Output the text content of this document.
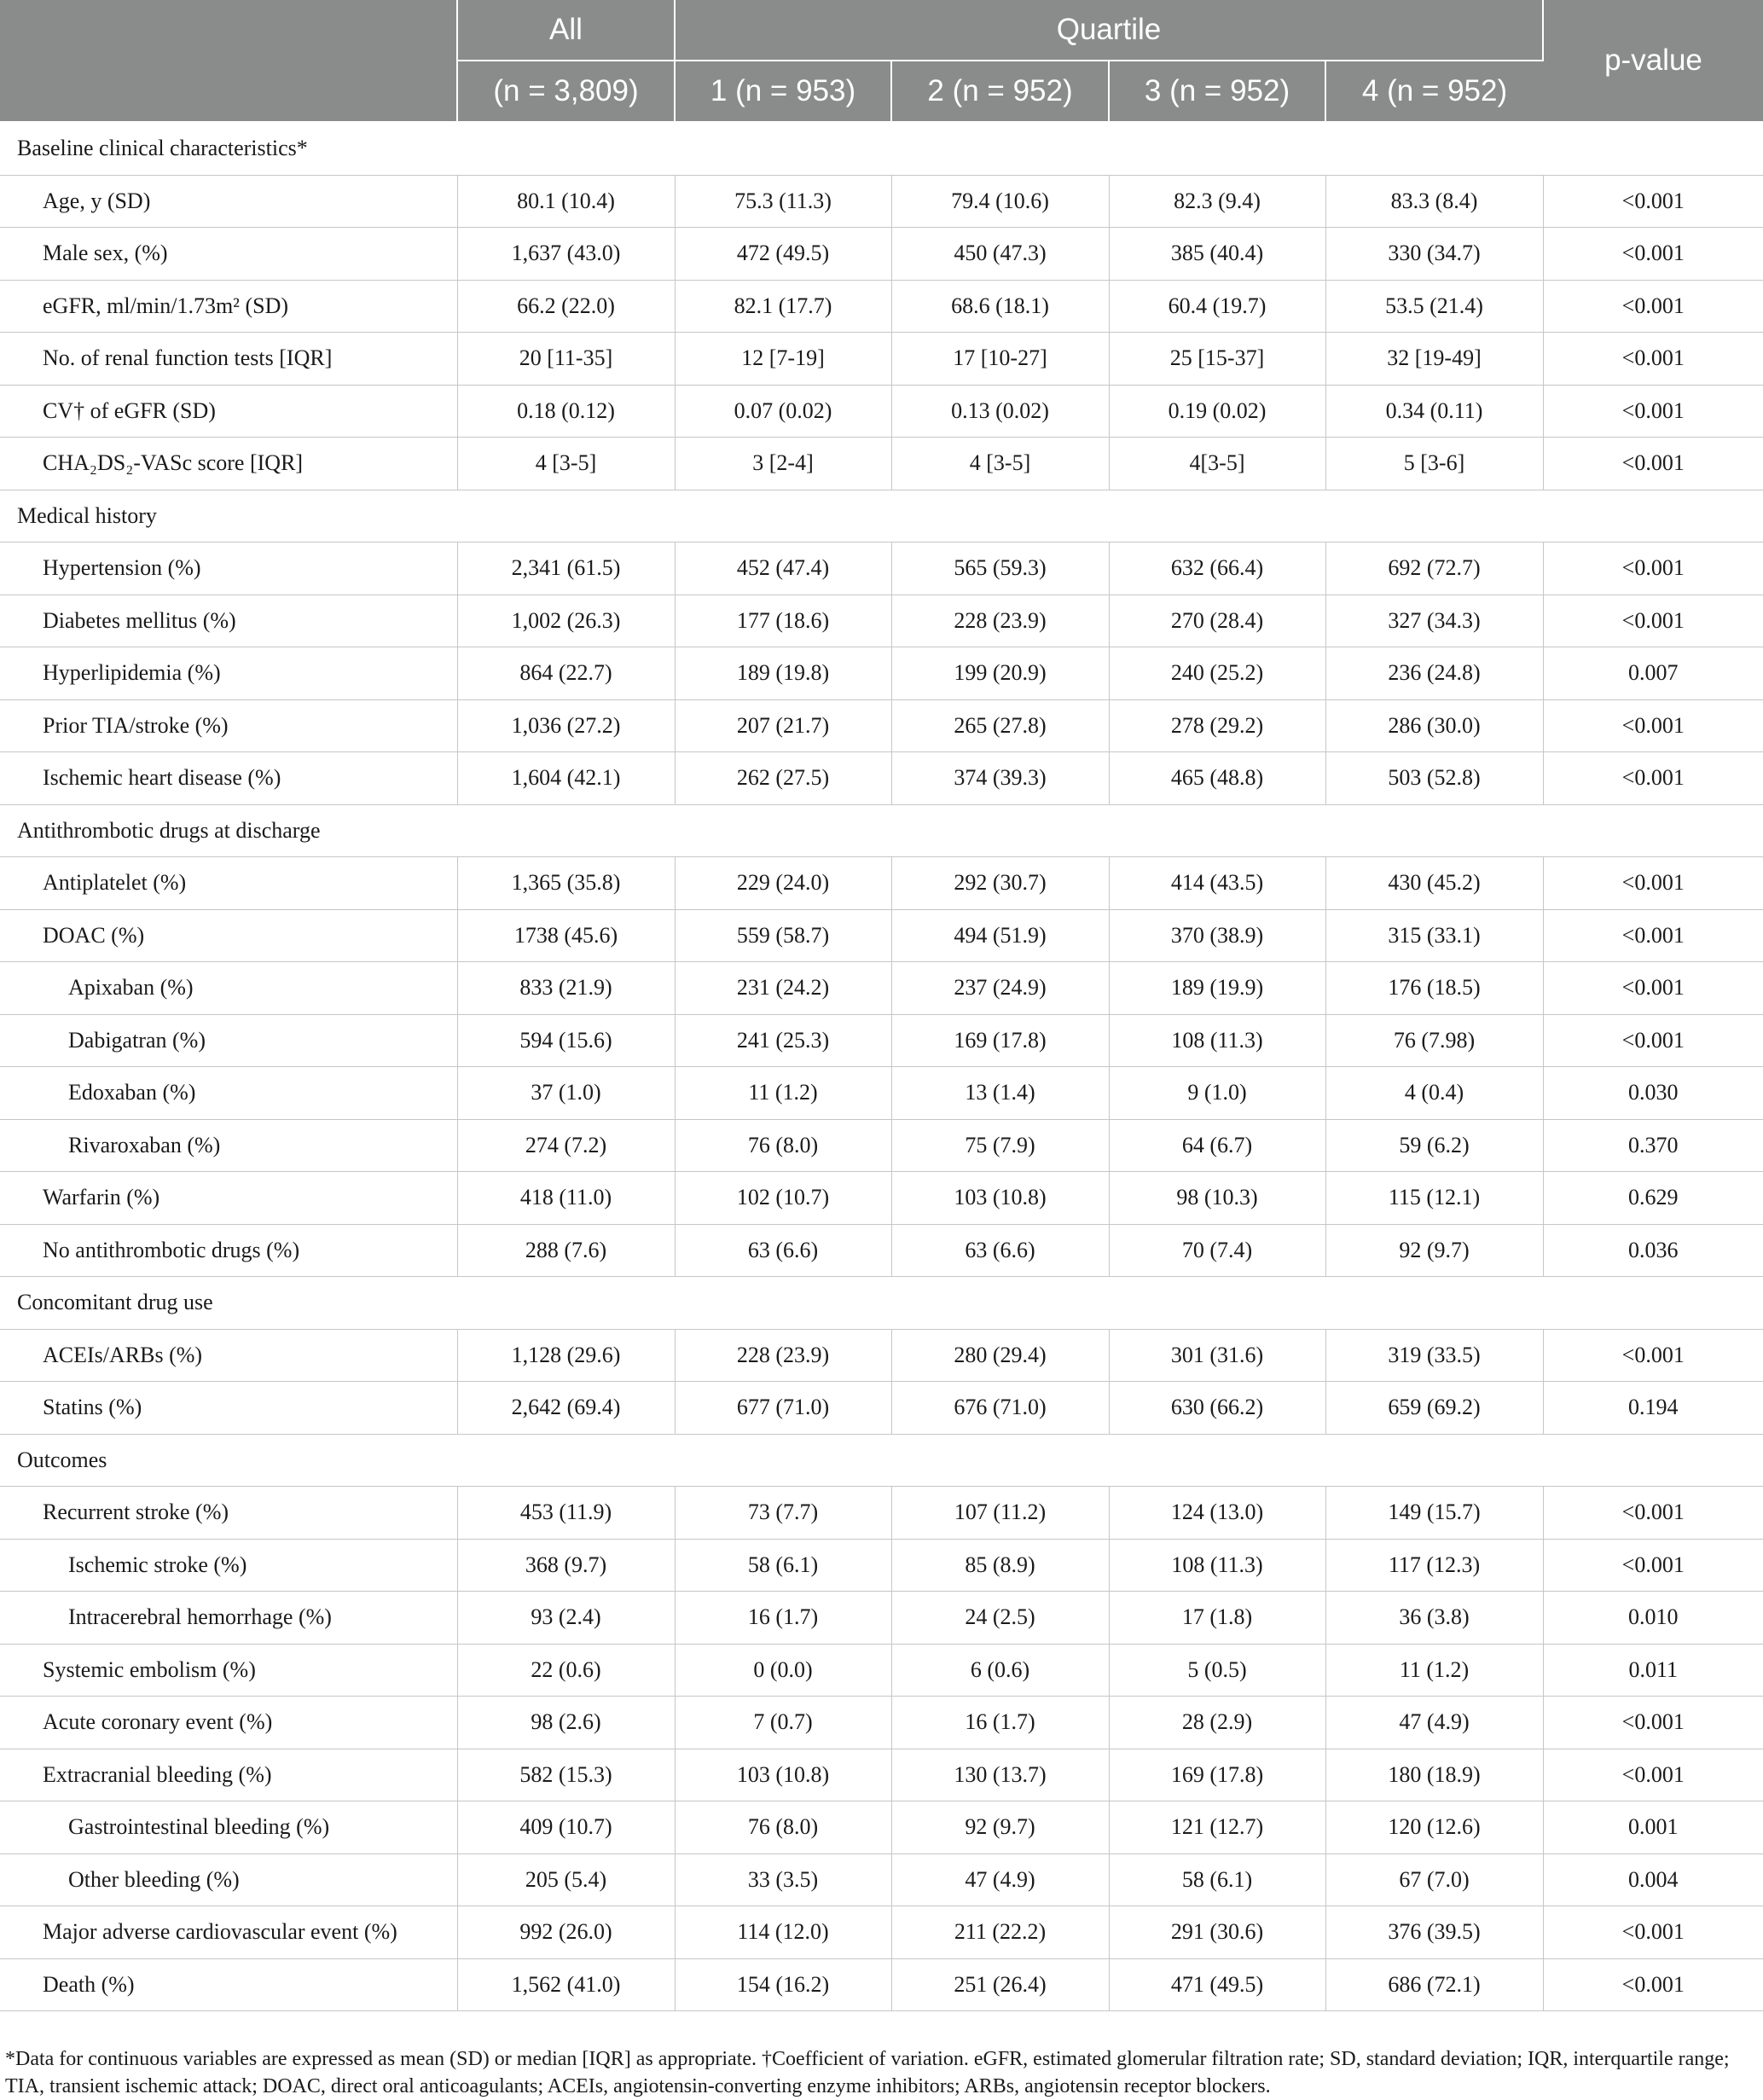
	All	Quartile				p-value
	(n = 3,809)	1 (n = 953)	2 (n = 952)	3 (n = 952)	4 (n = 952)	
Baseline clinical characteristics*						
Age, y (SD)	80.1 (10.4)	75.3 (11.3)	79.4 (10.6)	82.3 (9.4)	83.3 (8.4)	<0.001
Male sex, (%)	1,637 (43.0)	472 (49.5)	450 (47.3)	385 (40.4)	330 (34.7)	<0.001
eGFR, ml/min/1.73m² (SD)	66.2 (22.0)	82.1 (17.7)	68.6 (18.1)	60.4 (19.7)	53.5 (21.4)	<0.001
No. of renal function tests [IQR]	20 [11-35]	12 [7-19]	17 [10-27]	25 [15-37]	32 [19-49]	<0.001
CV† of eGFR (SD)	0.18 (0.12)	0.07 (0.02)	0.13 (0.02)	0.19 (0.02)	0.34 (0.11)	<0.001
CHA₂DS₂-VASc score [IQR]	4 [3-5]	3 [2-4]	4 [3-5]	4[3-5]	5 [3-6]	<0.001
Medical history						
Hypertension (%)	2,341 (61.5)	452 (47.4)	565 (59.3)	632 (66.4)	692 (72.7)	<0.001
Diabetes mellitus (%)	1,002 (26.3)	177 (18.6)	228 (23.9)	270 (28.4)	327 (34.3)	<0.001
Hyperlipidemia (%)	864 (22.7)	189 (19.8)	199 (20.9)	240 (25.2)	236 (24.8)	0.007
Prior TIA/stroke (%)	1,036 (27.2)	207 (21.7)	265 (27.8)	278 (29.2)	286 (30.0)	<0.001
Ischemic heart disease (%)	1,604 (42.1)	262 (27.5)	374 (39.3)	465 (48.8)	503 (52.8)	<0.001
Antithrombotic drugs at discharge						
Antiplatelet (%)	1,365 (35.8)	229 (24.0)	292 (30.7)	414 (43.5)	430 (45.2)	<0.001
DOAC (%)	1738 (45.6)	559 (58.7)	494 (51.9)	370 (38.9)	315 (33.1)	<0.001
Apixaban (%)	833 (21.9)	231 (24.2)	237 (24.9)	189 (19.9)	176 (18.5)	<0.001
Dabigatran (%)	594 (15.6)	241 (25.3)	169 (17.8)	108 (11.3)	76 (7.98)	<0.001
Edoxaban (%)	37 (1.0)	11 (1.2)	13 (1.4)	9 (1.0)	4 (0.4)	0.030
Rivaroxaban (%)	274 (7.2)	76 (8.0)	75 (7.9)	64 (6.7)	59 (6.2)	0.370
Warfarin (%)	418 (11.0)	102 (10.7)	103 (10.8)	98 (10.3)	115 (12.1)	0.629
No antithrombotic drugs (%)	288 (7.6)	63 (6.6)	63 (6.6)	70 (7.4)	92 (9.7)	0.036
Concomitant drug use						
ACEIs/ARBs (%)	1,128 (29.6)	228 (23.9)	280 (29.4)	301 (31.6)	319 (33.5)	<0.001
Statins (%)	2,642 (69.4)	677 (71.0)	676 (71.0)	630 (66.2)	659 (69.2)	0.194
Outcomes						
Recurrent stroke (%)	453 (11.9)	73 (7.7)	107 (11.2)	124 (13.0)	149 (15.7)	<0.001
Ischemic stroke (%)	368 (9.7)	58 (6.1)	85 (8.9)	108 (11.3)	117 (12.3)	<0.001
Intracerebral hemorrhage (%)	93 (2.4)	16 (1.7)	24 (2.5)	17 (1.8)	36 (3.8)	0.010
Systemic embolism (%)	22 (0.6)	0 (0.0)	6 (0.6)	5 (0.5)	11 (1.2)	0.011
Acute coronary event (%)	98 (2.6)	7 (0.7)	16 (1.7)	28 (2.9)	47 (4.9)	<0.001
Extracranial bleeding (%)	582 (15.3)	103 (10.8)	130 (13.7)	169 (17.8)	180 (18.9)	<0.001
Gastrointestinal bleeding (%)	409 (10.7)	76 (8.0)	92 (9.7)	121 (12.7)	120 (12.6)	0.001
Other bleeding (%)	205 (5.4)	33 (3.5)	47 (4.9)	58 (6.1)	67 (7.0)	0.004
Major adverse cardiovascular event (%)	992 (26.0)	114 (12.0)	211 (22.2)	291 (30.6)	376 (39.5)	<0.001
Death (%)	1,562 (41.0)	154 (16.2)	251 (26.4)	471 (49.5)	686 (72.1)	<0.001
*Data for continuous variables are expressed as mean (SD) or median [IQR] as appropriate. †Coefficient of variation. eGFR, estimated glomerular filtration rate; SD, standard deviation; IQR, interquartile range; TIA, transient ischemic attack; DOAC, direct oral anticoagulants; ACEIs, angiotensin-converting enzyme inhibitors; ARBs, angiotensin receptor blockers.
